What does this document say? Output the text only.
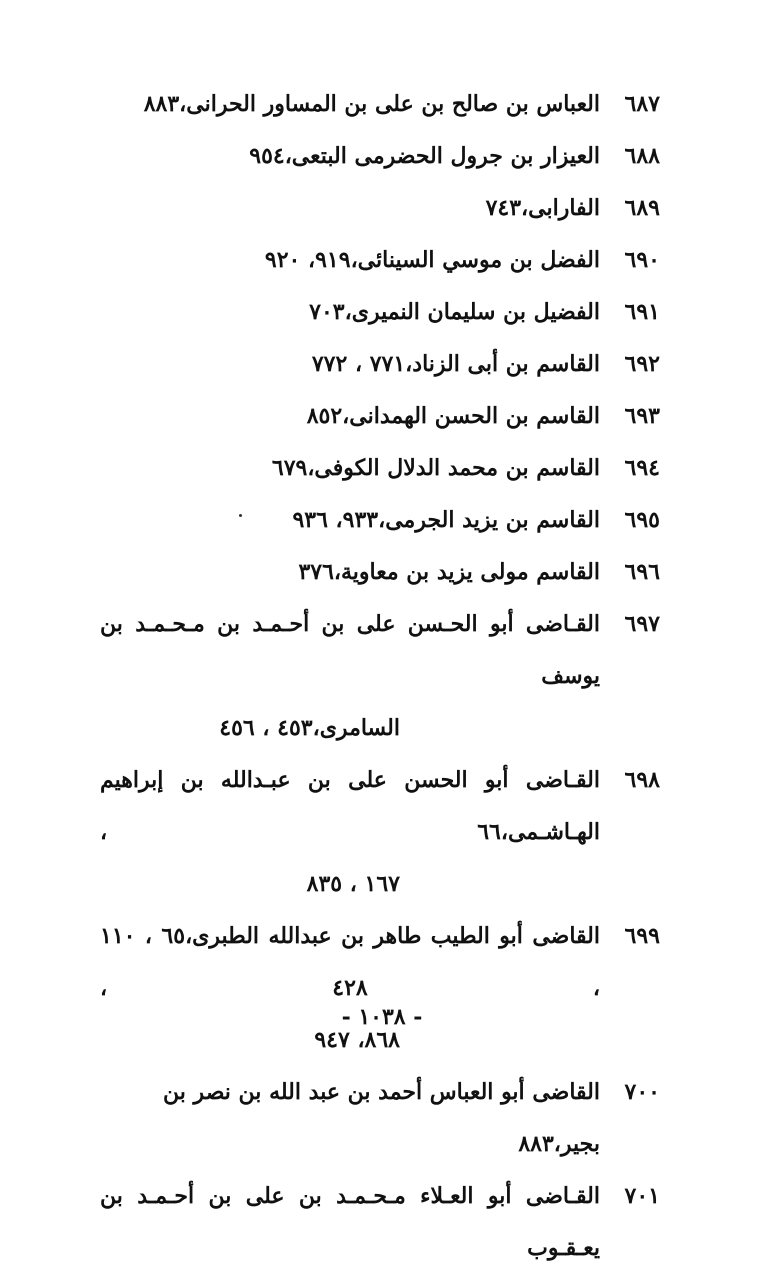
٦٨٧
العباس بن صالح بن على بن المساور الحرانى،٨٨٣
٦٨٨
العيزار بن جرول الحضرمى البتعى،٩٥٤
٦٨٩
الفارابى،٧٤٣
٦٩٠
الفضل بن موسي السينائى،٩١٩، ٩٢٠
٦٩١
الفضيل بن سليمان النميرى،٧٠٣
٦٩٢
القاسم بن أبى الزناد،٧٧١ ، ٧٧٢
٦٩٣
القاسم بن الحسن الهمدانى،٨٥٢
٦٩٤
القاسم بن محمد الدلال الكوفى،٦٧٩
٦٩٥
القاسم بن يزيد الجرمى،٩٣٣، ٩٣٦
٦٩٦
القاسم مولى يزيد بن معاوية،٣٧٦
٦٩٧
القـاضى أبو الحـسن على بن أحـمـد بن مـحـمـد بن يوسف
السامرى،٤٥٣ ، ٤٥٦
٦٩٨
القـاضى أبو الحسن على بن عبـدالله بن إبراهيم الهـاشـمى،٦٦ ،
١٦٧ ، ٨٣٥
٦٩٩
القاضى أبو الطيب طاهر بن عبدالله الطبرى،٦٥ ، ١١٠ ، ٤٢٨ ،
٨٦٨، ٩٤٧
٧٠٠
القاضى أبو العباس أحمد بن عبد الله بن نصر بن بجير،٨٨٣
٧٠١
القـاضى أبو العـلاء مـحـمـد بن على بن أحـمـد بن يعـقـوب
- ١٠٣٨ -
